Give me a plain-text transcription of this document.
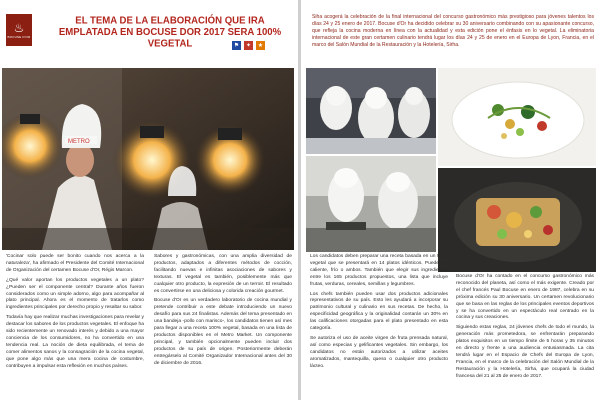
♨
BOCUSE D'OR
EL TEMA DE LA ELABORACIÓN QUE IRA EMPLATADA EN BOCUSE DOR 2017 SERA 100% VEGETAL	⚑	✦	★
METRO

'Cocinar solo puede ser bonito cuando nos acerca a la naturaleza', ha afirmado el Presidente del Comité Internacional de Organización del certamen Bocuse d'Or, Régis Marcon.

¿Qué valor aportan los productos vegetales a un plato? ¿Pueden ser el componente central? Durante años fueron considerados como un simple adorno, algo para acompañar al plato principal. Ahora es el momento de tratarlos como ingredientes principales por derecho propio y resaltar su sabor.

Todavía hay que realizar muchas investigaciones para revelar y destacar los sabores de los productos vegetales. El enfoque ha sido recientemente un renovado interés y debido a una mayor conciencia de los consumidores, no ha convertido en una tendencia real. La noción de dieta equilibrada, el tema de comer alimentos sanos y la consagración de la cocina vegetal, que pone algo más que una mera cocina de costumbre, contribuyen a impulsar esta reflexión en muchos países.

Sabores y gastronómicas, con una amplia diversidad de productos, adaptados a diferentes métodos de cocción, facilitando nuevas e infinitas asociaciones de sabores y texturas. El vegetal es también, posiblemente más que cualquier otro producto, la expresión de un terroir. El resultado es convertirse en una deliciosa y colorida creación gourmet.

Bocuse d'Or es un verdadero laboratorio de cocina mundial y pretende contribuir a este debate introduciendo un nuevo desafío para sus 24 finalistas. Además del tema presentado en una bandeja -pollo con marisco-, los candidatos tienen así mes para llegar a una receta 100% vegetal, basada en una lista de productos disponibles en el Metro Market. Un componente principal, y también opcionalmente pueden incluir dos productos de su país de origen. Posteriormente deberán entregárselo al Comité Organizador Internacional antes del 30 de diciembre de 2016.

Siha acogerá la celebración de la final internacional del concurso gastronómico más prestigioso para jóvenes talentos los días 24 y 25 enero de 2017. Bocuse d'Or ha decidido celebrar su 30 aniversario combinando con su apasionante concurso, que refleja la cocina moderna en línea con la actualidad y esta edición pone el énfasis en lo vegetal. La eliminatoria internacional de este gran certamen culinario tendrá lugar los días 24 y 25 de enero en el Europa de Lyon, Francia, en el marco del Salón Mundial de la Restauración y la Hotelería, Sirha.

Los candidatos deben preparar una receta basada en un tema vegetal que se presentará en 14 platos idénticos. Puede ser caliente, frío o ambos. También que elegir sus ingredientes entre los 165 productos propuestos, una lista que incluye frutas, verduras, cereales, semillas y legumbres.

Los chefs también pueden usar dos productos adicionales representativos de su país. Esto les ayudará a incorporar su patrimonio cultural y culinario en sus recetas. De hecho, la especificidad geográfica y la originalidad contarán un 30% en las calificaciones otorgadas para el plato presentado en esta categoría.

Se autoriza el uso de aceite virgen de fruta prensada natural, así como especias y gelificantes vegetales. Sin embargo, los candidatos no están autorizados a utilizar aceites aromatizados, mantequilla, queso o cualquier otro producto lácteo.

Bocuse d'Or ha contado en el concurso gastronómico más reconocido del planeta, así como el más exigente. Creado por el chef francés Paul Bocuse en enero de 1987, celebra en su próxima edición su 30 aniversario. Un certamen revolucionario que se basa en las reglas de los principales eventos deportivos y se ha convertido en un espectáculo real centrado en la cocina y sus creaciones.

Siguiendo estas reglas, 24 jóvenes chefs de todo el mundo, la generación más prometedora, se enfrentarán preparando platos exquisitos en un tiempo límite de 5 horas y 35 minutos en directo y frente a una audiencia entusiasmada. La cita tendrá lugar en el Espacio de Chefs del Europa de Lyon, Francia, en el marco de la celebración del Salón Mundial de la Restauración y la Hotelería, Sirha, que ocupará la ciudad francesa del 21 al 25 de enero de 2017.
